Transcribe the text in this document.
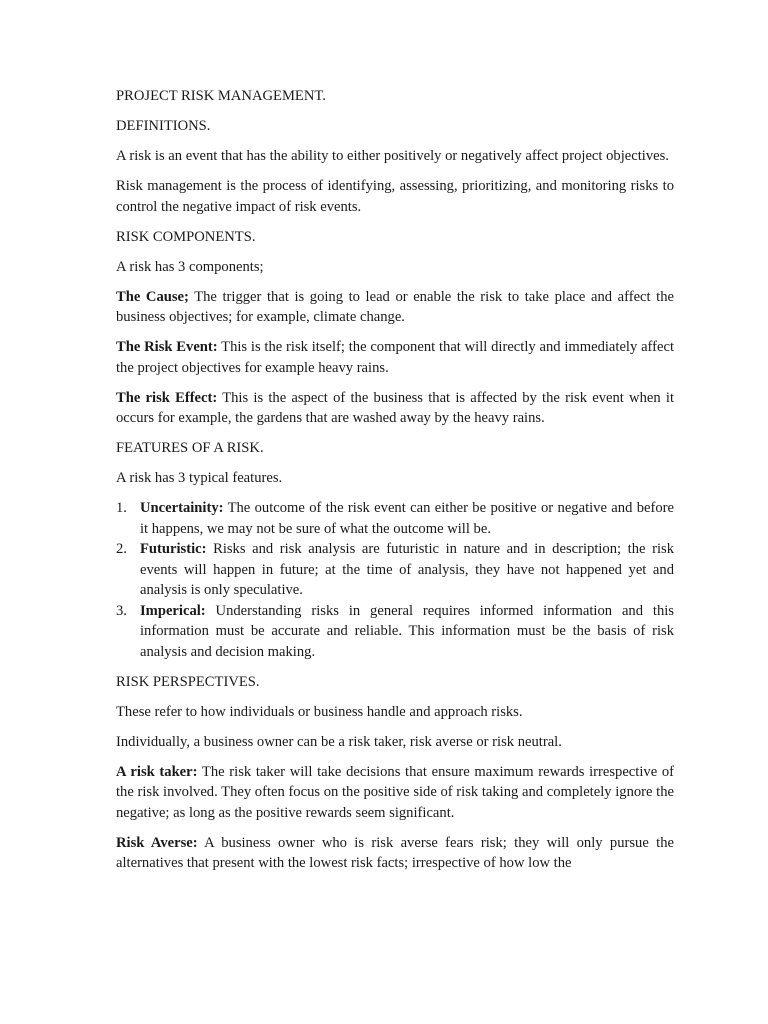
PROJECT RISK MANAGEMENT.
DEFINITIONS.

A risk is an event that has the ability to either positively or negatively affect project objectives.

Risk management is the process of identifying, assessing, prioritizing, and monitoring risks to control the negative impact of risk events.

RISK COMPONENTS.

A risk has 3 components;

The Cause; The trigger that is going to lead or enable the risk to take place and affect the business objectives; for example, climate change.

The Risk Event: This is the risk itself; the component that will directly and immediately affect the project objectives for example heavy rains.

The risk Effect: This is the aspect of the business that is affected by the risk event when it occurs for example, the gardens that are washed away by the heavy rains.

FEATURES OF A RISK.

A risk has 3 typical features.

1. Uncertainity: The outcome of the risk event can either be positive or negative and before it happens, we may not be sure of what the outcome will be.
2. Futuristic: Risks and risk analysis are futuristic in nature and in description; the risk events will happen in future; at the time of analysis, they have not happened yet and analysis is only speculative.
3. Imperical: Understanding risks in general requires informed information and this information must be accurate and reliable. This information must be the basis of risk analysis and decision making.
RISK PERSPECTIVES.

These refer to how individuals or business handle and approach risks.

Individually, a business owner can be a risk taker, risk averse or risk neutral.

A risk taker: The risk taker will take decisions that ensure maximum rewards irrespective of the risk involved. They often focus on the positive side of risk taking and completely ignore the negative; as long as the positive rewards seem significant.

Risk Averse: A business owner who is risk averse fears risk; they will only pursue the alternatives that present with the lowest risk facts; irrespective of how low the
